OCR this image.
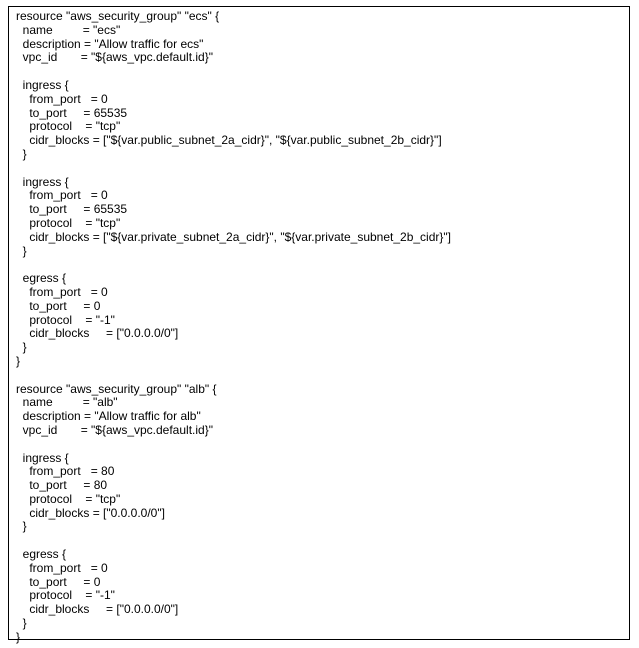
resource "aws_security_group" "ecs" {
name         = "ecs"
description = "Allow traffic for ecs"
vpc_id       = "${aws_vpc.default.id}"

ingress {
from_port   = 0
to_port     = 65535
protocol    = "tcp"
cidr_blocks = ["${var.public_subnet_2a_cidr}", "${var.public_subnet_2b_cidr}"]
}

ingress {
from_port   = 0
to_port     = 65535
protocol    = "tcp"
cidr_blocks = ["${var.private_subnet_2a_cidr}", "${var.private_subnet_2b_cidr}"]
}

egress {
from_port   = 0
to_port     = 0
protocol    = "-1"
cidr_blocks     = ["0.0.0.0/0"]
}
}

resource "aws_security_group" "alb" {
name         = "alb"
description = "Allow traffic for alb"
vpc_id       = "${aws_vpc.default.id}"

ingress {
from_port   = 80
to_port     = 80
protocol    = "tcp"
cidr_blocks = ["0.0.0.0/0"]
}

egress {
from_port   = 0
to_port     = 0
protocol    = "-1"
cidr_blocks     = ["0.0.0.0/0"]
}
}
